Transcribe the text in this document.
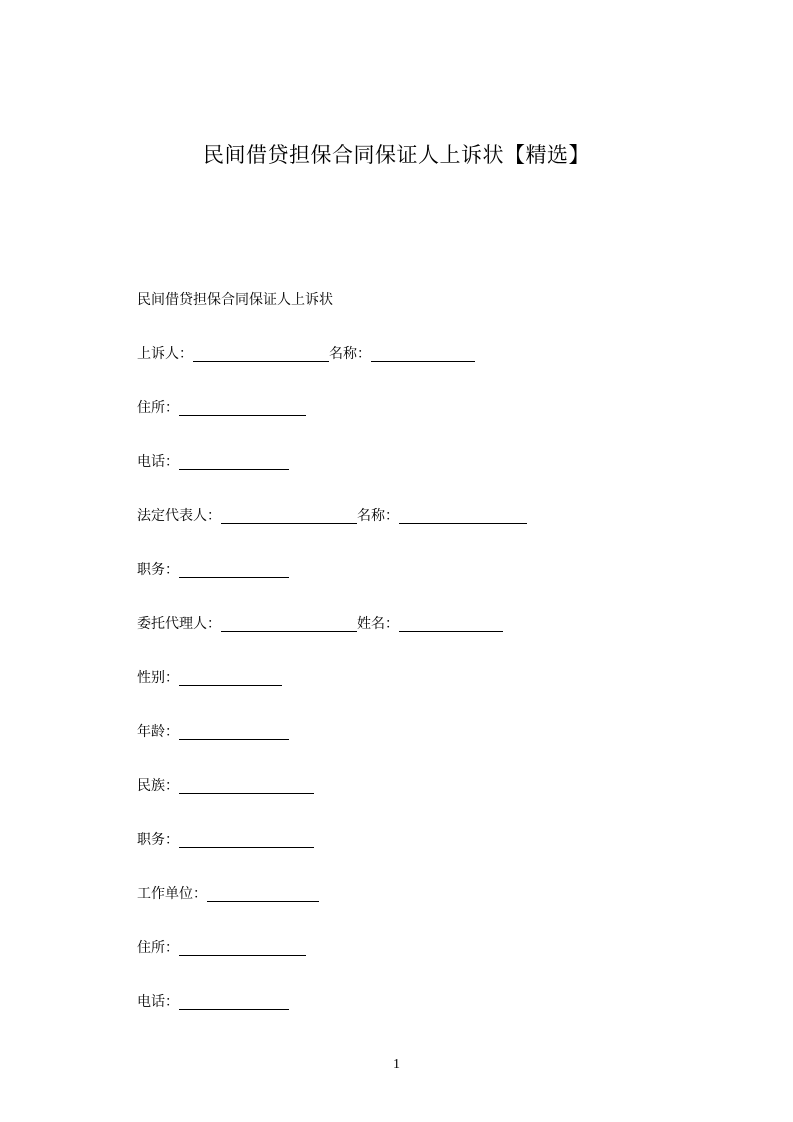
民间借贷担保合同保证人上诉状【精选】
民间借贷担保合同保证人上诉状
上诉人：	名称：
住所：
电话：
法定代表人：	名称：
职务：
委托代理人：	姓名：
性别：
年龄：
民族：
职务：
工作单位：
住所：
电话：
1
